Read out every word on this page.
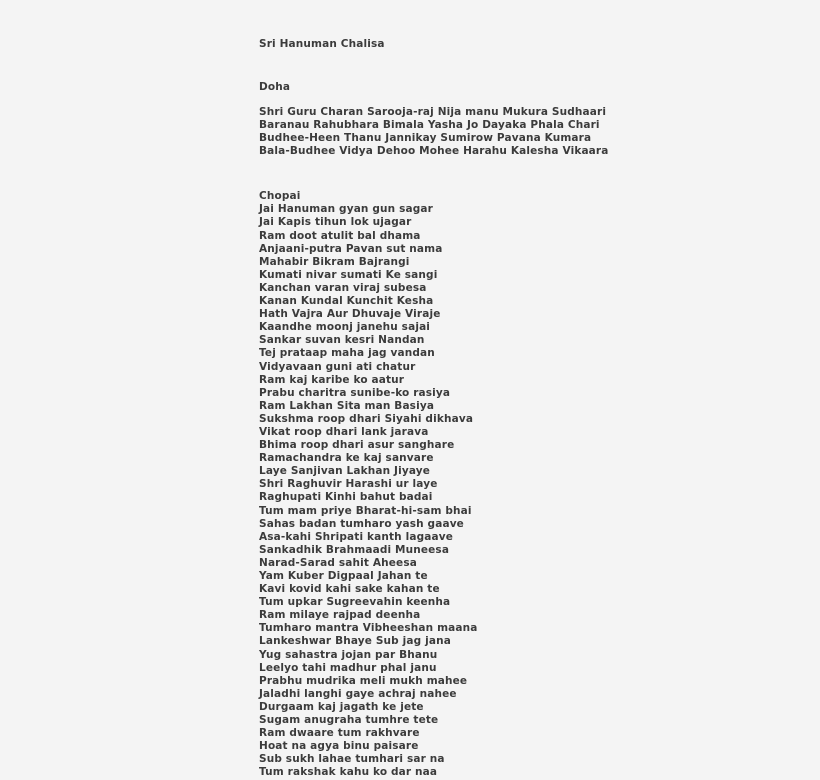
Sri Hanuman Chalisa
Doha
Shri Guru Charan Sarooja-raj Nija manu Mukura Sudhaari
Baranau Rahubhara Bimala Yasha Jo Dayaka Phala Chari
Budhee-Heen Thanu Jannikay Sumirow Pavana Kumara
Bala-Budhee Vidya Dehoo Mohee Harahu Kalesha Vikaara
Chopai
Jai Hanuman gyan gun sagar
Jai Kapis tihun lok ujagar
Ram doot atulit bal dhama
Anjaani-putra Pavan sut nama
Mahabir Bikram Bajrangi
Kumati nivar sumati Ke sangi
Kanchan varan viraj subesa
Kanan Kundal Kunchit Kesha
Hath Vajra Aur Dhuvaje Viraje
Kaandhe moonj janehu sajai
Sankar suvan kesri Nandan
Tej prataap maha jag vandan
Vidyavaan guni ati chatur
Ram kaj karibe ko aatur
Prabu charitra sunibe-ko rasiya
Ram Lakhan Sita man Basiya
Sukshma roop dhari Siyahi dikhava
Vikat roop dhari lank jarava
Bhima roop dhari asur sanghare
Ramachandra ke kaj sanvare
Laye Sanjivan Lakhan Jiyaye
Shri Raghuvir Harashi ur laye
Raghupati Kinhi bahut badai
Tum mam priye Bharat-hi-sam bhai
Sahas badan tumharo yash gaave
Asa-kahi Shripati kanth lagaave
Sankadhik Brahmaadi Muneesa
Narad-Sarad sahit Aheesa
Yam Kuber Digpaal Jahan te
Kavi kovid kahi sake kahan te
Tum upkar Sugreevahin keenha
Ram milaye rajpad deenha
Tumharo mantra Vibheeshan maana
Lankeshwar Bhaye Sub jag jana
Yug sahastra jojan par Bhanu
Leelyo tahi madhur phal janu
Prabhu mudrika meli mukh mahee
Jaladhi langhi gaye achraj nahee
Durgaam kaj jagath ke jete
Sugam anugraha tumhre tete
Ram dwaare tum rakhvare
Hoat na agya binu paisare
Sub sukh lahae tumhari sar na
Tum rakshak kahu ko dar naa
